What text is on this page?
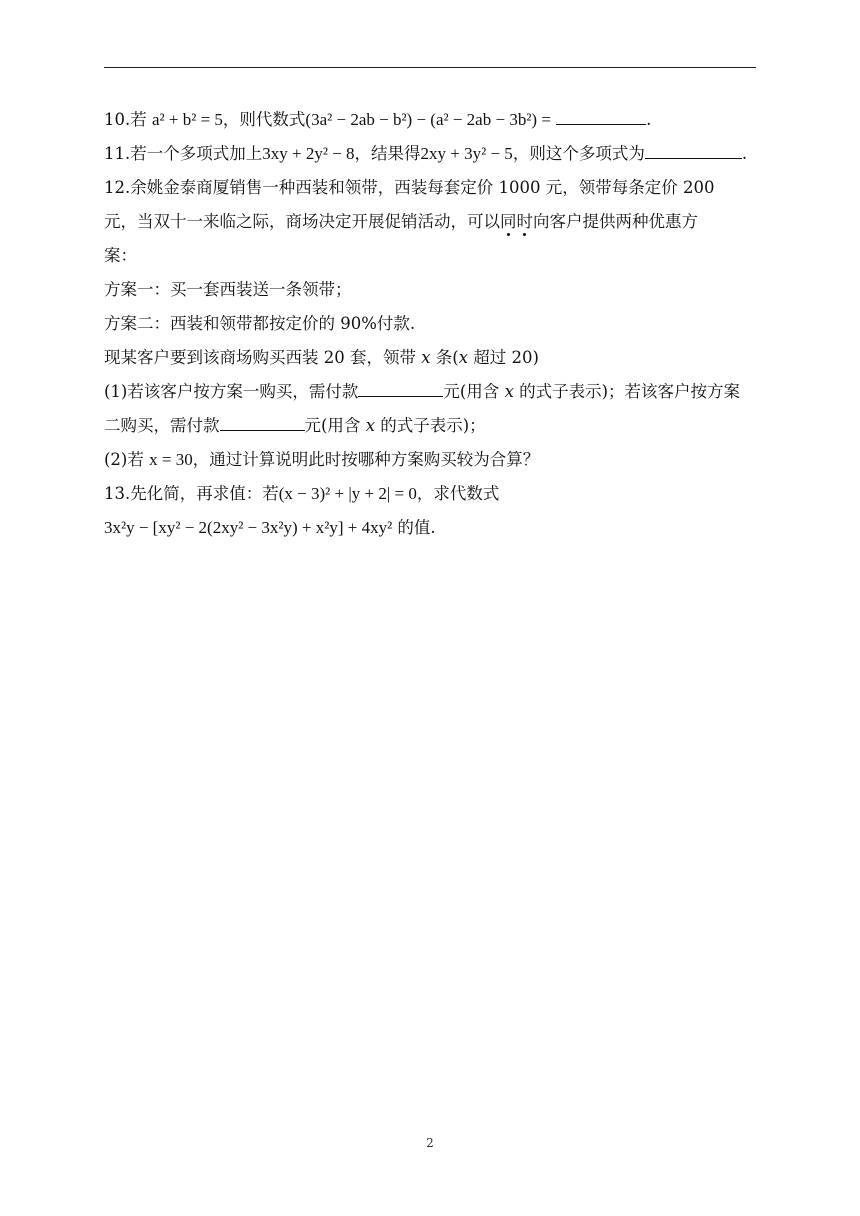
10.若 a² + b² = 5，则代数式(3a² − 2ab − b²) − (a² − 2ab − 3b²) =	.
11.若一个多项式加上3xy + 2y² − 8，结果得2xy + 3y² − 5，则这个多项式为	.
12.余姚金泰商厦销售一种西装和领带，西装每套定价 1000 元，领带每条定价 200
元，当双十一来临之际，商场决定开展促销活动，可以同时向客户提供两种优惠方
案：
方案一：买一套西装送一条领带；
方案二：西装和领带都按定价的 90%付款.
现某客户要到该商场购买西装 20 套，领带 x 条(x 超过 20)
(1)若该客户按方案一购买，需付款	元(用含 x 的式子表示)；若该客户按方案
二购买，需付款	元(用含 x 的式子表示)；
(2)若 x = 30，通过计算说明此时按哪种方案购买较为合算？
13.先化简，再求值：若(x − 3)² + |y + 2| = 0，求代数式
3x²y − [xy² − 2(2xy² − 3x²y) + x²y] + 4xy² 的值.
2
